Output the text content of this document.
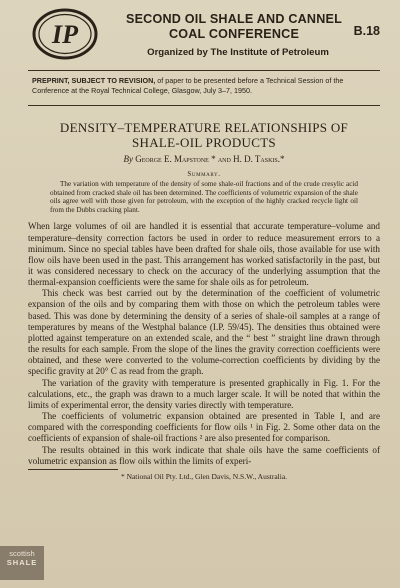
IP
SECOND OIL SHALE AND CANNEL
COAL CONFERENCE	B.18
Organized by The Institute of Petroleum
PREPRINT, SUBJECT TO REVISION, of paper to be presented before a Technical Session of the Conference at the Royal Technical College, Glasgow, July 3–7, 1950.
DENSITY–TEMPERATURE RELATIONSHIPS OF
SHALE-OIL PRODUCTS
By George E. Mapstone * and H. D. Taskis.*
Summary.
The variation with temperature of the density of some shale-oil fractions and of the crude cresylic acid obtained from cracked shale oil has been determined. The coefficients of volumetric expansion of the shale oils agree well with those given for petroleum, with the exception of the highly cracked recycle light oil from the Dubbs cracking plant.

When large volumes of oil are handled it is essential that accurate temperature–volume and temperature–density correction factors be used in order to reduce measurement errors to a minimum. Since no special tables have been drafted for shale oils, those available for use with flow oils have been used in the past. This arrangement has worked satisfactorily in the past, but it was considered necessary to check on the accuracy of the underlying assumption that the thermal-expansion coefficients were the same for shale oils as for petroleum.

This check was best carried out by the determination of the coefficient of volumetric expansion of the oils and by comparing them with those on which the petroleum tables were based. This was done by determining the density of a series of shale-oil samples at a range of temperatures by means of the Westphal balance (I.P. 59/45). The densities thus obtained were plotted against temperature on an extended scale, and the “ best ” straight line drawn through the results for each sample. From the slope of the lines the gravity correction coefficients were obtained, and these were converted to the volume-correction coefficients by dividing by the specific gravity at 20° C as read from the graph.

The variation of the gravity with temperature is presented graphically in Fig. 1. For the calculations, etc., the graph was drawn to a much larger scale. It will be noted that within the limits of experimental error, the density varies directly with temperature.

The coefficients of volumetric expansion obtained are presented in Table I, and are compared with the corresponding coefficients for flow oils ¹ in Fig. 2. Some other data on the coefficients of expansion of shale-oil fractions ² are also presented for comparison.

The results obtained in this work indicate that shale oils have the same coefficients of volumetric expansion as flow oils within the limits of experi-

* National Oil Pty. Ltd., Glen Davis, N.S.W., Australia.
scottish
SHALE
